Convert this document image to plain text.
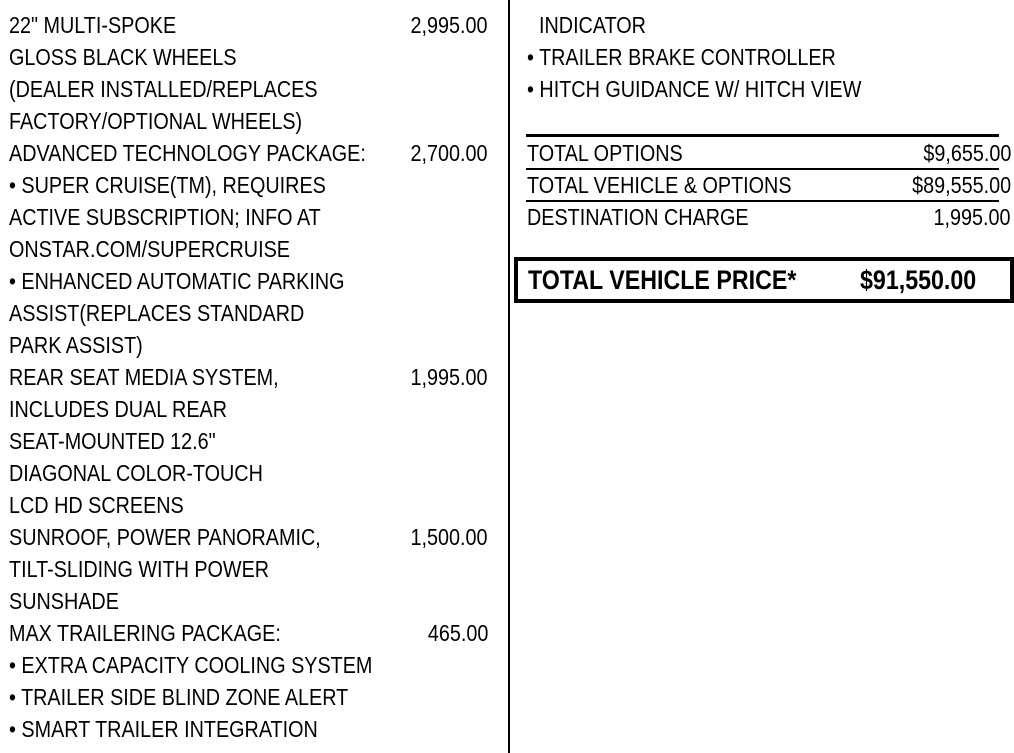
22" MULTI-SPOKE	2,995.00
GLOSS BLACK WHEELS
(DEALER INSTALLED/REPLACES
FACTORY/OPTIONAL WHEELS)
ADVANCED TECHNOLOGY PACKAGE: 2,700.00
• SUPER CRUISE(TM), REQUIRES
ACTIVE SUBSCRIPTION; INFO AT
ONSTAR.COM/SUPERCRUISE
• ENHANCED AUTOMATIC PARKING
ASSIST(REPLACES STANDARD
PARK ASSIST)
REAR SEAT MEDIA SYSTEM,	1,995.00
INCLUDES DUAL REAR
SEAT-MOUNTED 12.6"
DIAGONAL COLOR-TOUCH
LCD HD SCREENS
SUNROOF, POWER PANORAMIC,	1,500.00
TILT-SLIDING WITH POWER
SUNSHADE
MAX TRAILERING PACKAGE:	465.00
• EXTRA CAPACITY COOLING SYSTEM
• TRAILER SIDE BLIND ZONE ALERT
• SMART TRAILER INTEGRATION
INDICATOR
• TRAILER BRAKE CONTROLLER
• HITCH GUIDANCE W/ HITCH VIEW
TOTAL OPTIONS	$9,655.00
TOTAL VEHICLE & OPTIONS	$89,555.00
DESTINATION CHARGE	1,995.00
TOTAL VEHICLE PRICE* $91,550.00
